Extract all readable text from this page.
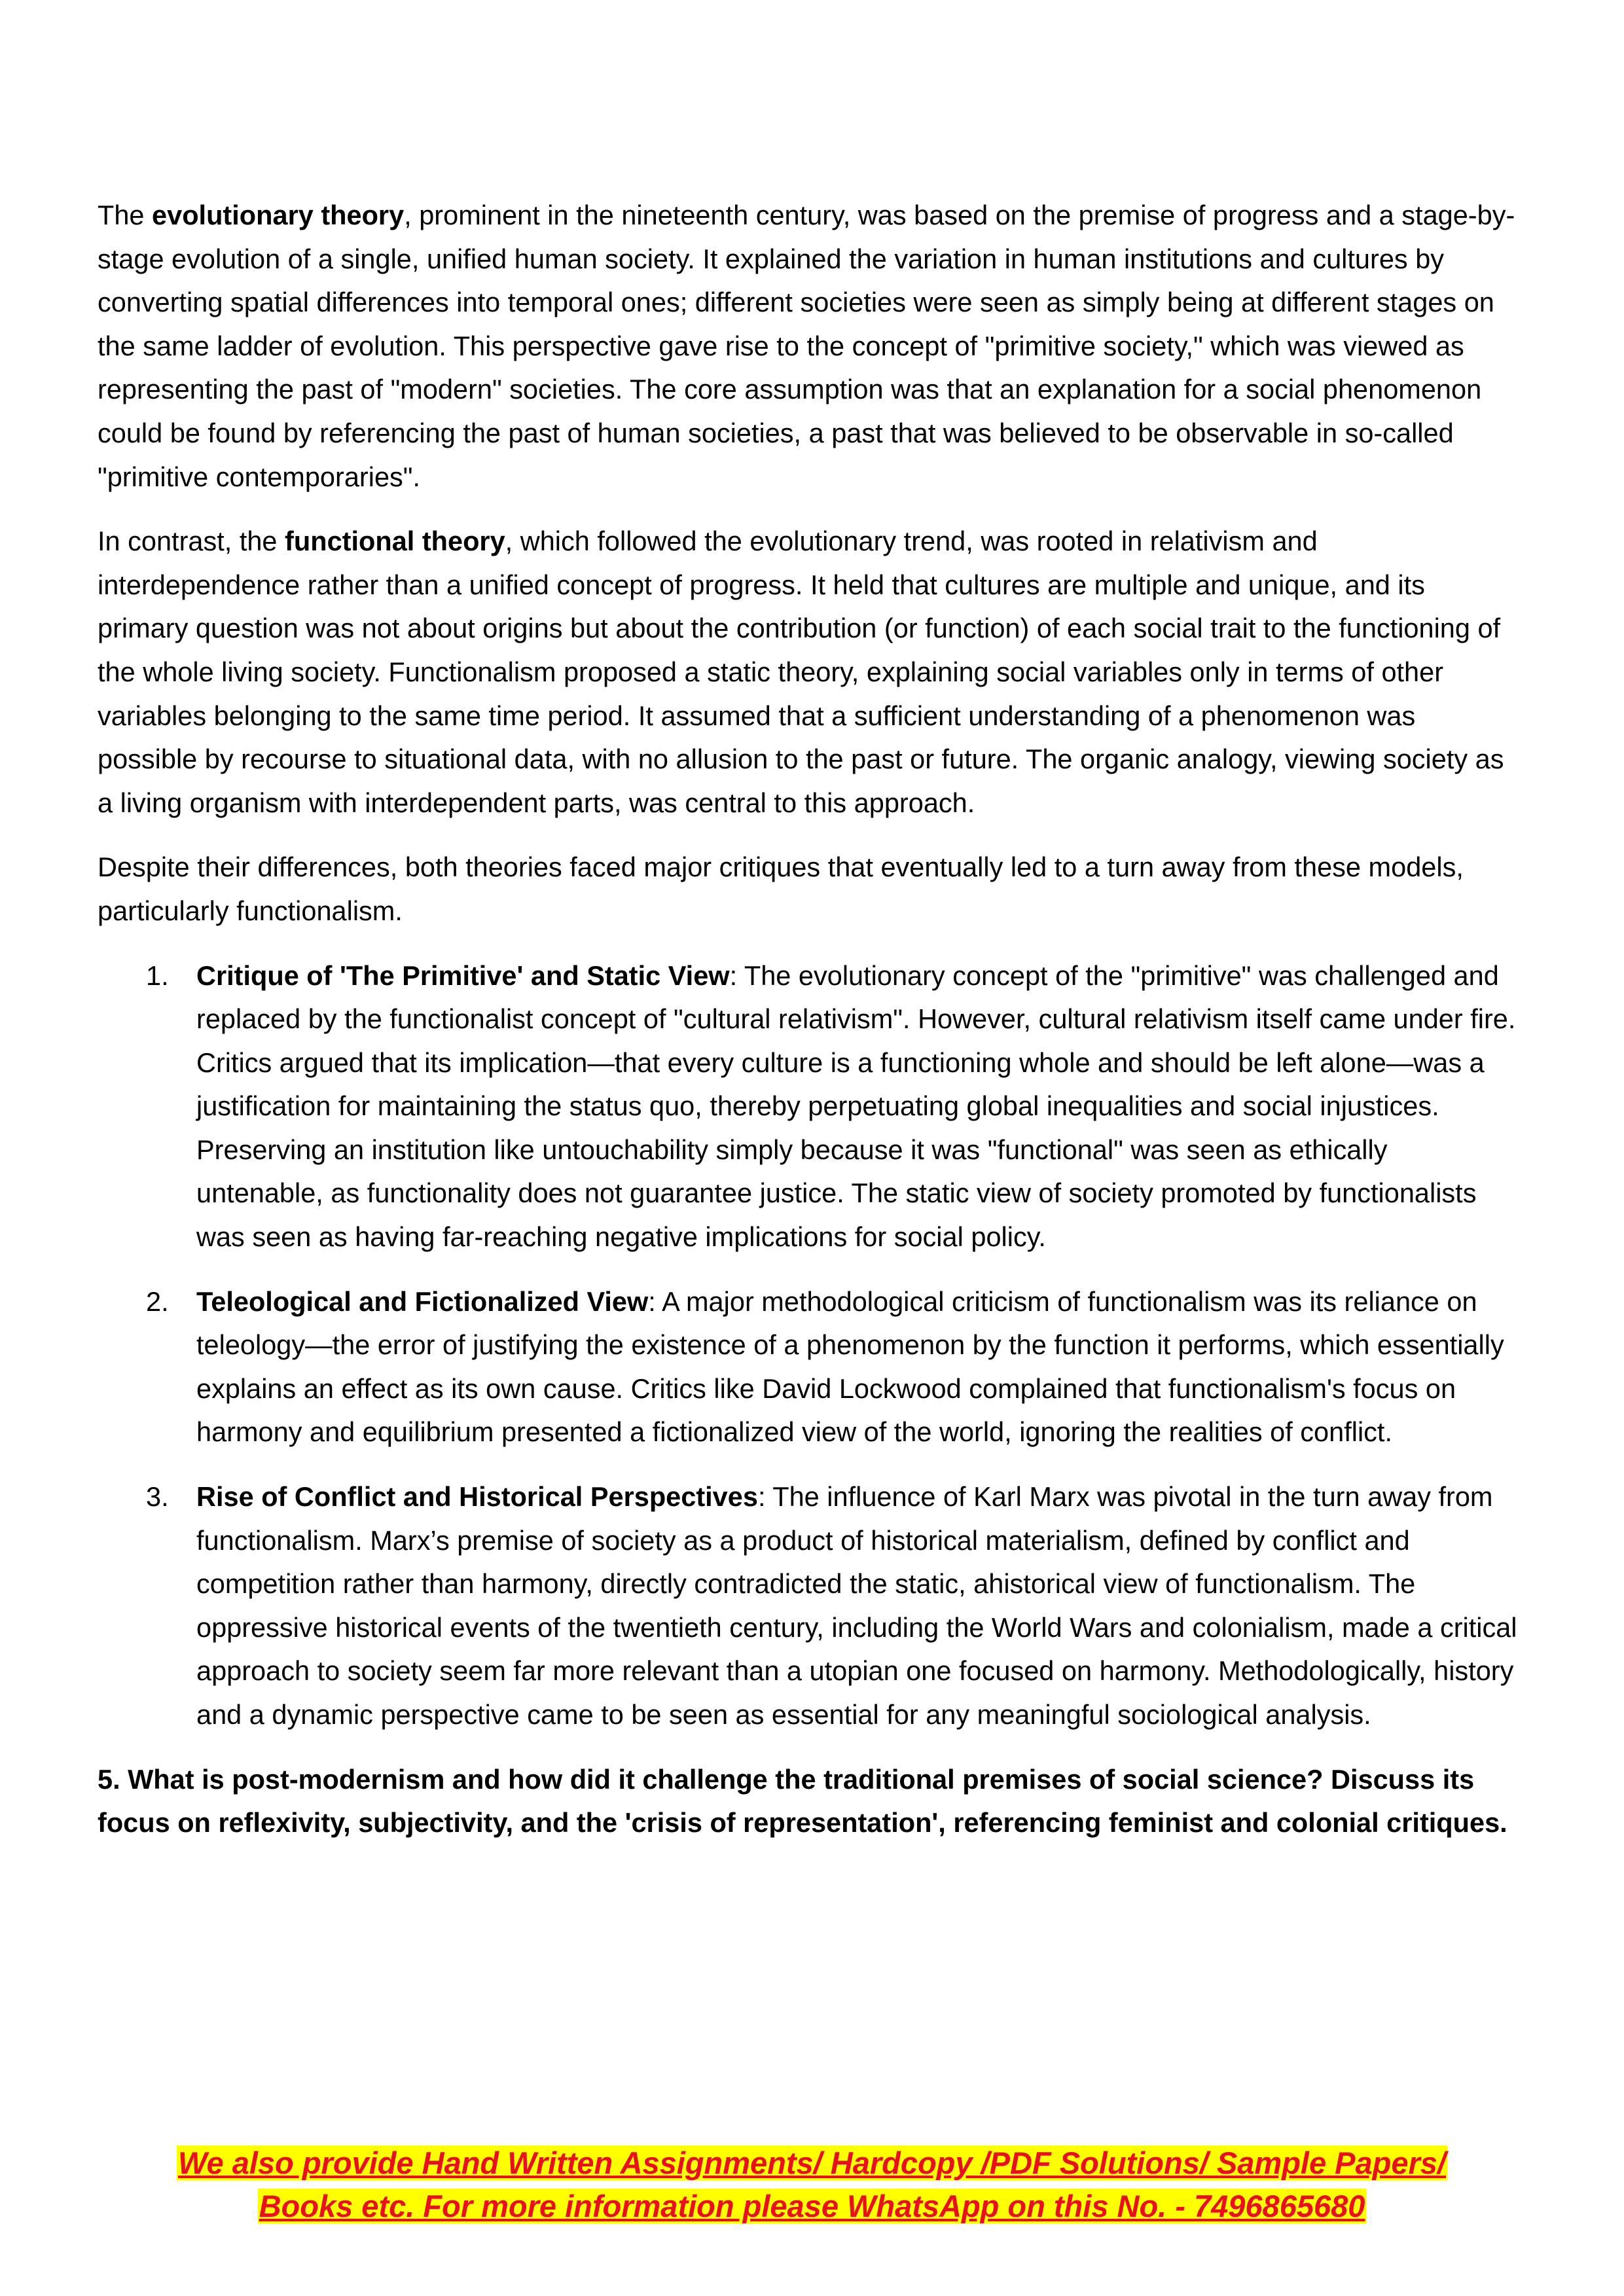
The evolutionary theory, prominent in the nineteenth century, was based on the premise of progress and a stage-by-stage evolution of a single, unified human society. It explained the variation in human institutions and cultures by converting spatial differences into temporal ones; different societies were seen as simply being at different stages on the same ladder of evolution. This perspective gave rise to the concept of "primitive society," which was viewed as representing the past of "modern" societies. The core assumption was that an explanation for a social phenomenon could be found by referencing the past of human societies, a past that was believed to be observable in so-called "primitive contemporaries".

In contrast, the functional theory, which followed the evolutionary trend, was rooted in relativism and interdependence rather than a unified concept of progress. It held that cultures are multiple and unique, and its primary question was not about origins but about the contribution (or function) of each social trait to the functioning of the whole living society. Functionalism proposed a static theory, explaining social variables only in terms of other variables belonging to the same time period. It assumed that a sufficient understanding of a phenomenon was possible by recourse to situational data, with no allusion to the past or future. The organic analogy, viewing society as a living organism with interdependent parts, was central to this approach.

Despite their differences, both theories faced major critiques that eventually led to a turn away from these models, particularly functionalism.

1. Critique of 'The Primitive' and Static View: The evolutionary concept of the "primitive" was challenged and replaced by the functionalist concept of "cultural relativism". However, cultural relativism itself came under fire. Critics argued that its implication—that every culture is a functioning whole and should be left alone—was a justification for maintaining the status quo, thereby perpetuating global inequalities and social injustices. Preserving an institution like untouchability simply because it was "functional" was seen as ethically untenable, as functionality does not guarantee justice. The static view of society promoted by functionalists was seen as having far-reaching negative implications for social policy.
2. Teleological and Fictionalized View: A major methodological criticism of functionalism was its reliance on teleology—the error of justifying the existence of a phenomenon by the function it performs, which essentially explains an effect as its own cause. Critics like David Lockwood complained that functionalism's focus on harmony and equilibrium presented a fictionalized view of the world, ignoring the realities of conflict.
3. Rise of Conflict and Historical Perspectives: The influence of Karl Marx was pivotal in the turn away from functionalism. Marx’s premise of society as a product of historical materialism, defined by conflict and competition rather than harmony, directly contradicted the static, ahistorical view of functionalism. The oppressive historical events of the twentieth century, including the World Wars and colonialism, made a critical approach to society seem far more relevant than a utopian one focused on harmony. Methodologically, history and a dynamic perspective came to be seen as essential for any meaningful sociological analysis.

5. What is post-modernism and how did it challenge the traditional premises of social science? Discuss its focus on reflexivity, subjectivity, and the 'crisis of representation', referencing feminist and colonial critiques.

We also provide Hand Written Assignments/ Hardcopy /PDF Solutions/ Sample Papers/
Books etc. For more information please WhatsApp on this No. - 7496865680
